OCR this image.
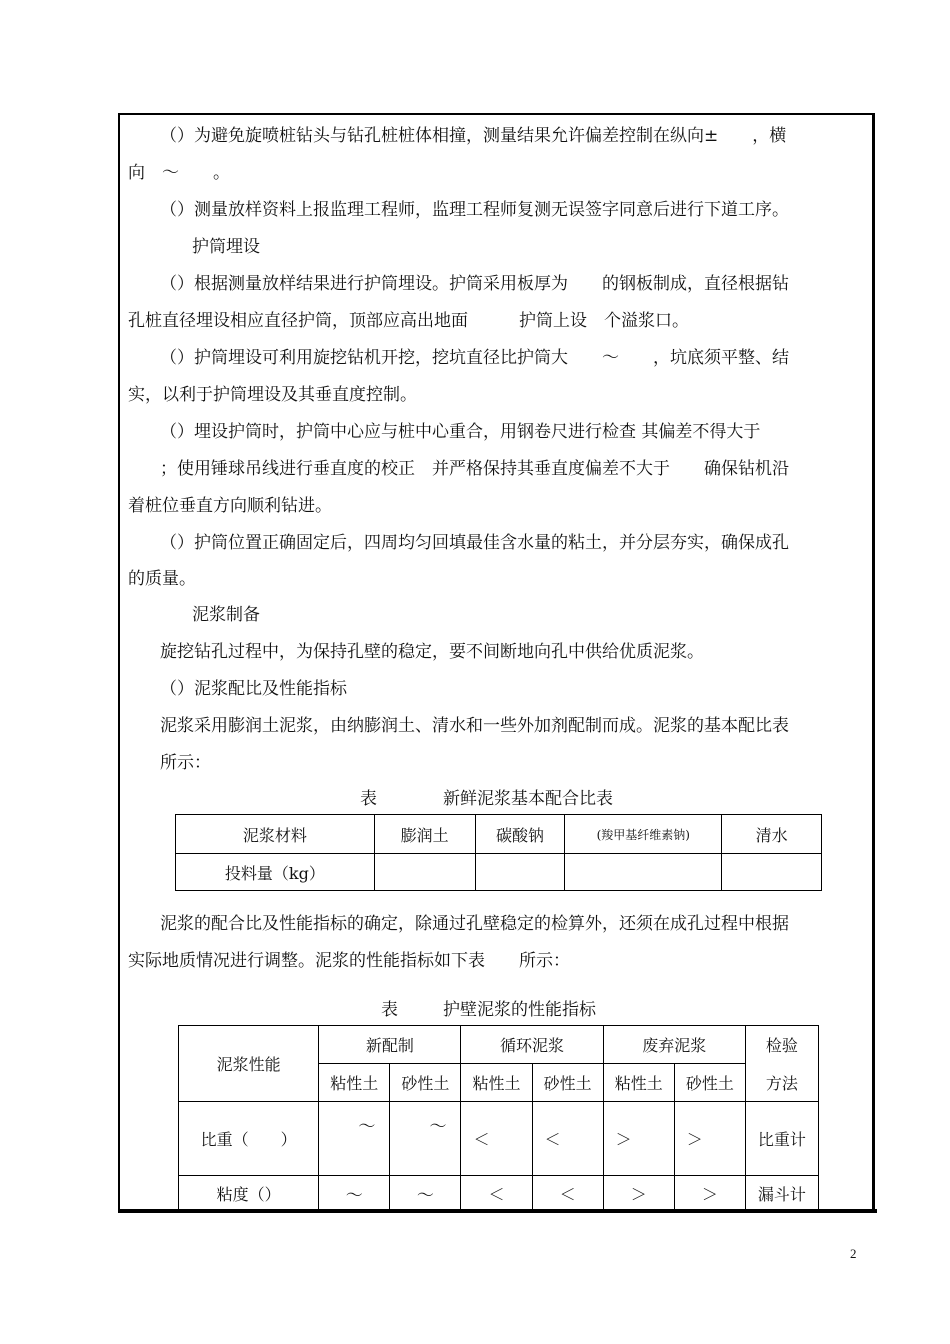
（）为避免旋喷桩钻头与钻孔桩桩体相撞，测量结果允许偏差控制在纵向±　　，横
向　～　　。
（）测量放样资料上报监理工程师，监理工程师复测无误签字同意后进行下道工序。
护筒埋设
（）根据测量放样结果进行护筒埋设。护筒采用板厚为　　的钢板制成，直径根据钻
孔桩直径埋设相应直径护筒，顶部应高出地面　　　护筒上设　个溢浆口。
（）护筒埋设可利用旋挖钻机开挖，挖坑直径比护筒大　　～　　，坑底须平整、结
实，以利于护筒埋设及其垂直度控制。
（）埋设护筒时，护筒中心应与桩中心重合，用钢卷尺进行检查 其偏差不得大于
；使用锤球吊线进行垂直度的校正　并严格保持其垂直度偏差不大于　　确保钻机沿
着桩位垂直方向顺利钻进。
（）护筒位置正确固定后，四周均匀回填最佳含水量的粘土，并分层夯实，确保成孔
的质量。
泥浆制备
旋挖钻孔过程中，为保持孔壁的稳定，要不间断地向孔中供给优质泥浆。
（）泥浆配比及性能指标
泥浆采用膨润土泥浆，由纳膨润土、清水和一些外加剂配制而成。泥浆的基本配比表
所示：
表	新鲜泥浆基本配合比表
泥浆材料	膨润土	碳酸钠	(羧甲基纤维素钠)	清水
投料量（kg）				
泥浆的配合比及性能指标的确定，除通过孔壁稳定的检算外，还须在成孔过程中根据
实际地质情况进行调整。泥浆的性能指标如下表　　所示：
表	护壁泥浆的性能指标
泥浆性能	新配制		循环泥浆		废弃泥浆		检验
	粘性土	砂性土	粘性土	砂性土	粘性土	砂性土	方法
比重（　　）	～	～	＜	＜	＞	＞	比重计
粘度（）	～	～	＜	＜	＞	＞	漏斗计
2
